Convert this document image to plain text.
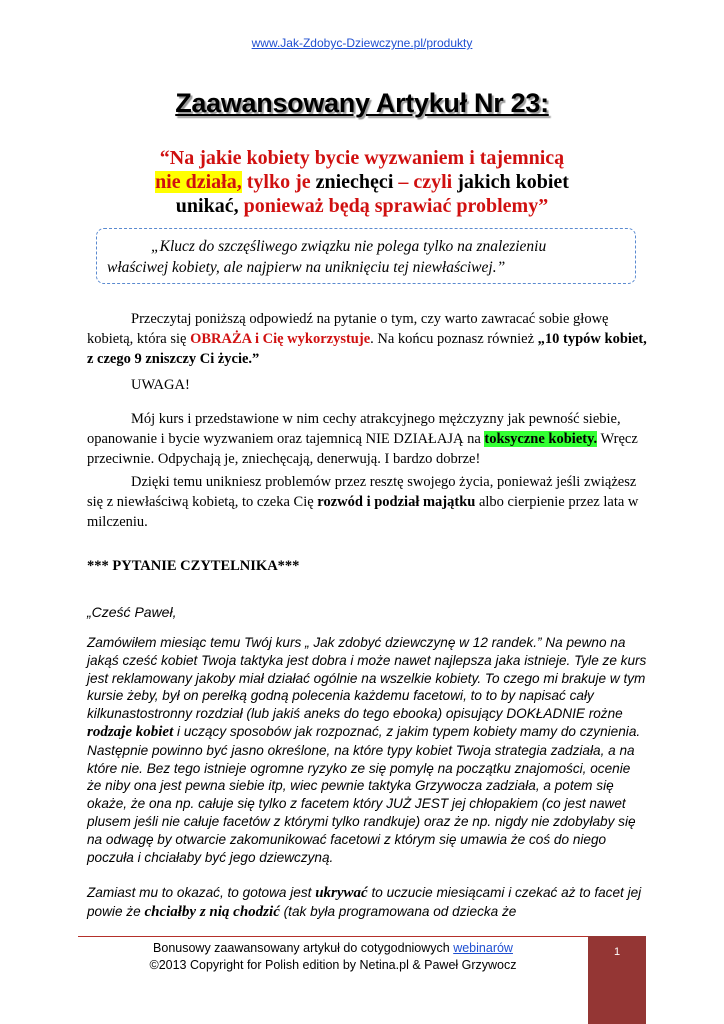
www.Jak-Zdobyc-Dziewczyne.pl/produkty
Zaawansowany Artykuł Nr 23:
“Na jakie kobiety bycie wyzwaniem i tajemnicą
nie działa, tylko je zniechęci – czyli jakich kobiet
unikać, ponieważ będą sprawiać problemy”
„Klucz do szczęśliwego związku nie polega tylko na znalezieniu
właściwej kobiety, ale najpierw na uniknięciu tej niewłaściwej.”
Przeczytaj poniższą odpowiedź na pytanie o tym, czy warto zawracać sobie głowę kobietą, która się OBRAŻA i Cię wykorzystuje. Na końcu poznasz również „10 typów kobiet, z czego 9 zniszczy Ci życie.”
UWAGA!
Mój kurs i przedstawione w nim cechy atrakcyjnego mężczyzny jak pewność siebie, opanowanie i bycie wyzwaniem oraz tajemnicą NIE DZIAŁAJĄ na toksyczne kobiety. Wręcz przeciwnie. Odpychają je, zniechęcają, denerwują. I bardzo dobrze!
Dzięki temu unikniesz problemów przez resztę swojego życia, ponieważ jeśli zwiążesz się z niewłaściwą kobietą, to czeka Cię rozwód i podział majątku albo cierpienie przez lata w milczeniu.
*** PYTANIE CZYTELNIKA***
„Cześć Paweł,
Zamówiłem miesiąc temu Twój kurs „ Jak zdobyć dziewczynę w 12 randek.” Na pewno na jakąś cześć kobiet Twoja taktyka jest dobra i może nawet najlepsza jaka istnieje. Tyle ze kurs jest reklamowany jakoby miał działać ogólnie na wszelkie kobiety. To czego mi brakuje w tym kursie żeby, był on perełką godną polecenia każdemu facetowi, to to by napisać cały kilkunastostronny rozdział (lub jakiś aneks do tego ebooka) opisujący DOKŁADNIE rożne rodzaje kobiet i uczący sposobów jak rozpoznać, z jakim typem kobiety mamy do czynienia. Następnie powinno być jasno określone, na które typy kobiet Twoja strategia zadziała, a na które nie. Bez tego istnieje ogromne ryzyko ze się pomylę na początku znajomości, ocenie że niby ona jest pewna siebie itp, wiec pewnie taktyka Grzywocza zadziała, a potem się okaże, że ona np. całuje się tylko z facetem który JUŻ JEST jej chłopakiem (co jest nawet plusem jeśli nie całuje facetów z którymi tylko randkuje) oraz że np. nigdy nie zdobyłaby się na odwagę by otwarcie zakomunikować facetowi z którym się umawia że coś do niego poczuła i chciałaby być jego dziewczyną.
Zamiast mu to okazać, to gotowa jest ukrywać to uczucie miesiącami i czekać aż to facet jej powie że chciałby z nią chodzić (tak była programowana od dziecka że
Bonusowy zaawansowany artykuł do cotygodniowych webinarów
©2013 Copyright for Polish edition by Netina.pl & Paweł Grzywocz
1
